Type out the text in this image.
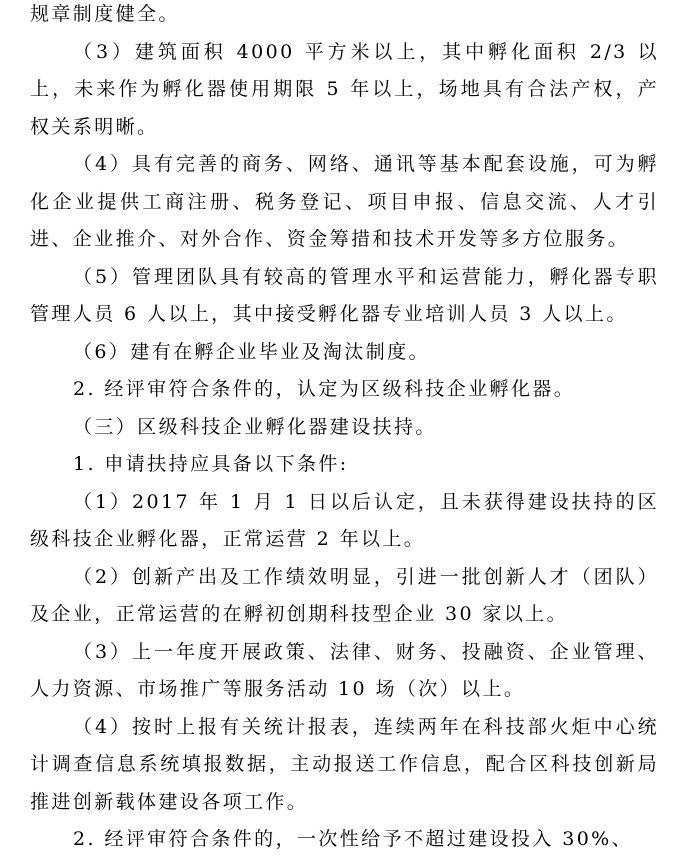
规章制度健全。

（3）建筑面积 4000 平方米以上，其中孵化面积 2/3 以上，未来作为孵化器使用期限 5 年以上，场地具有合法产权，产权关系明晰。

（4）具有完善的商务、网络、通讯等基本配套设施，可为孵化企业提供工商注册、税务登记、项目申报、信息交流、人才引进、企业推介、对外合作、资金筹措和技术开发等多方位服务。

（5）管理团队具有较高的管理水平和运营能力，孵化器专职管理人员 6 人以上，其中接受孵化器专业培训人员 3 人以上。

（6）建有在孵企业毕业及淘汰制度。

2. 经评审符合条件的，认定为区级科技企业孵化器。

（三）区级科技企业孵化器建设扶持。

1. 申请扶持应具备以下条件:

（1）2017 年 1 月 1 日以后认定，且未获得建设扶持的区级科技企业孵化器，正常运营 2 年以上。

（2）创新产出及工作绩效明显，引进一批创新人才（团队）及企业，正常运营的在孵初创期科技型企业 30 家以上。

（3）上一年度开展政策、法律、财务、投融资、企业管理、人力资源、市场推广等服务活动 10 场（次）以上。

（4）按时上报有关统计报表，连续两年在科技部火炬中心统计调查信息系统填报数据，主动报送工作信息，配合区科技创新局推进创新载体建设各项工作。

2. 经评审符合条件的，一次性给予不超过建设投入 30%、
